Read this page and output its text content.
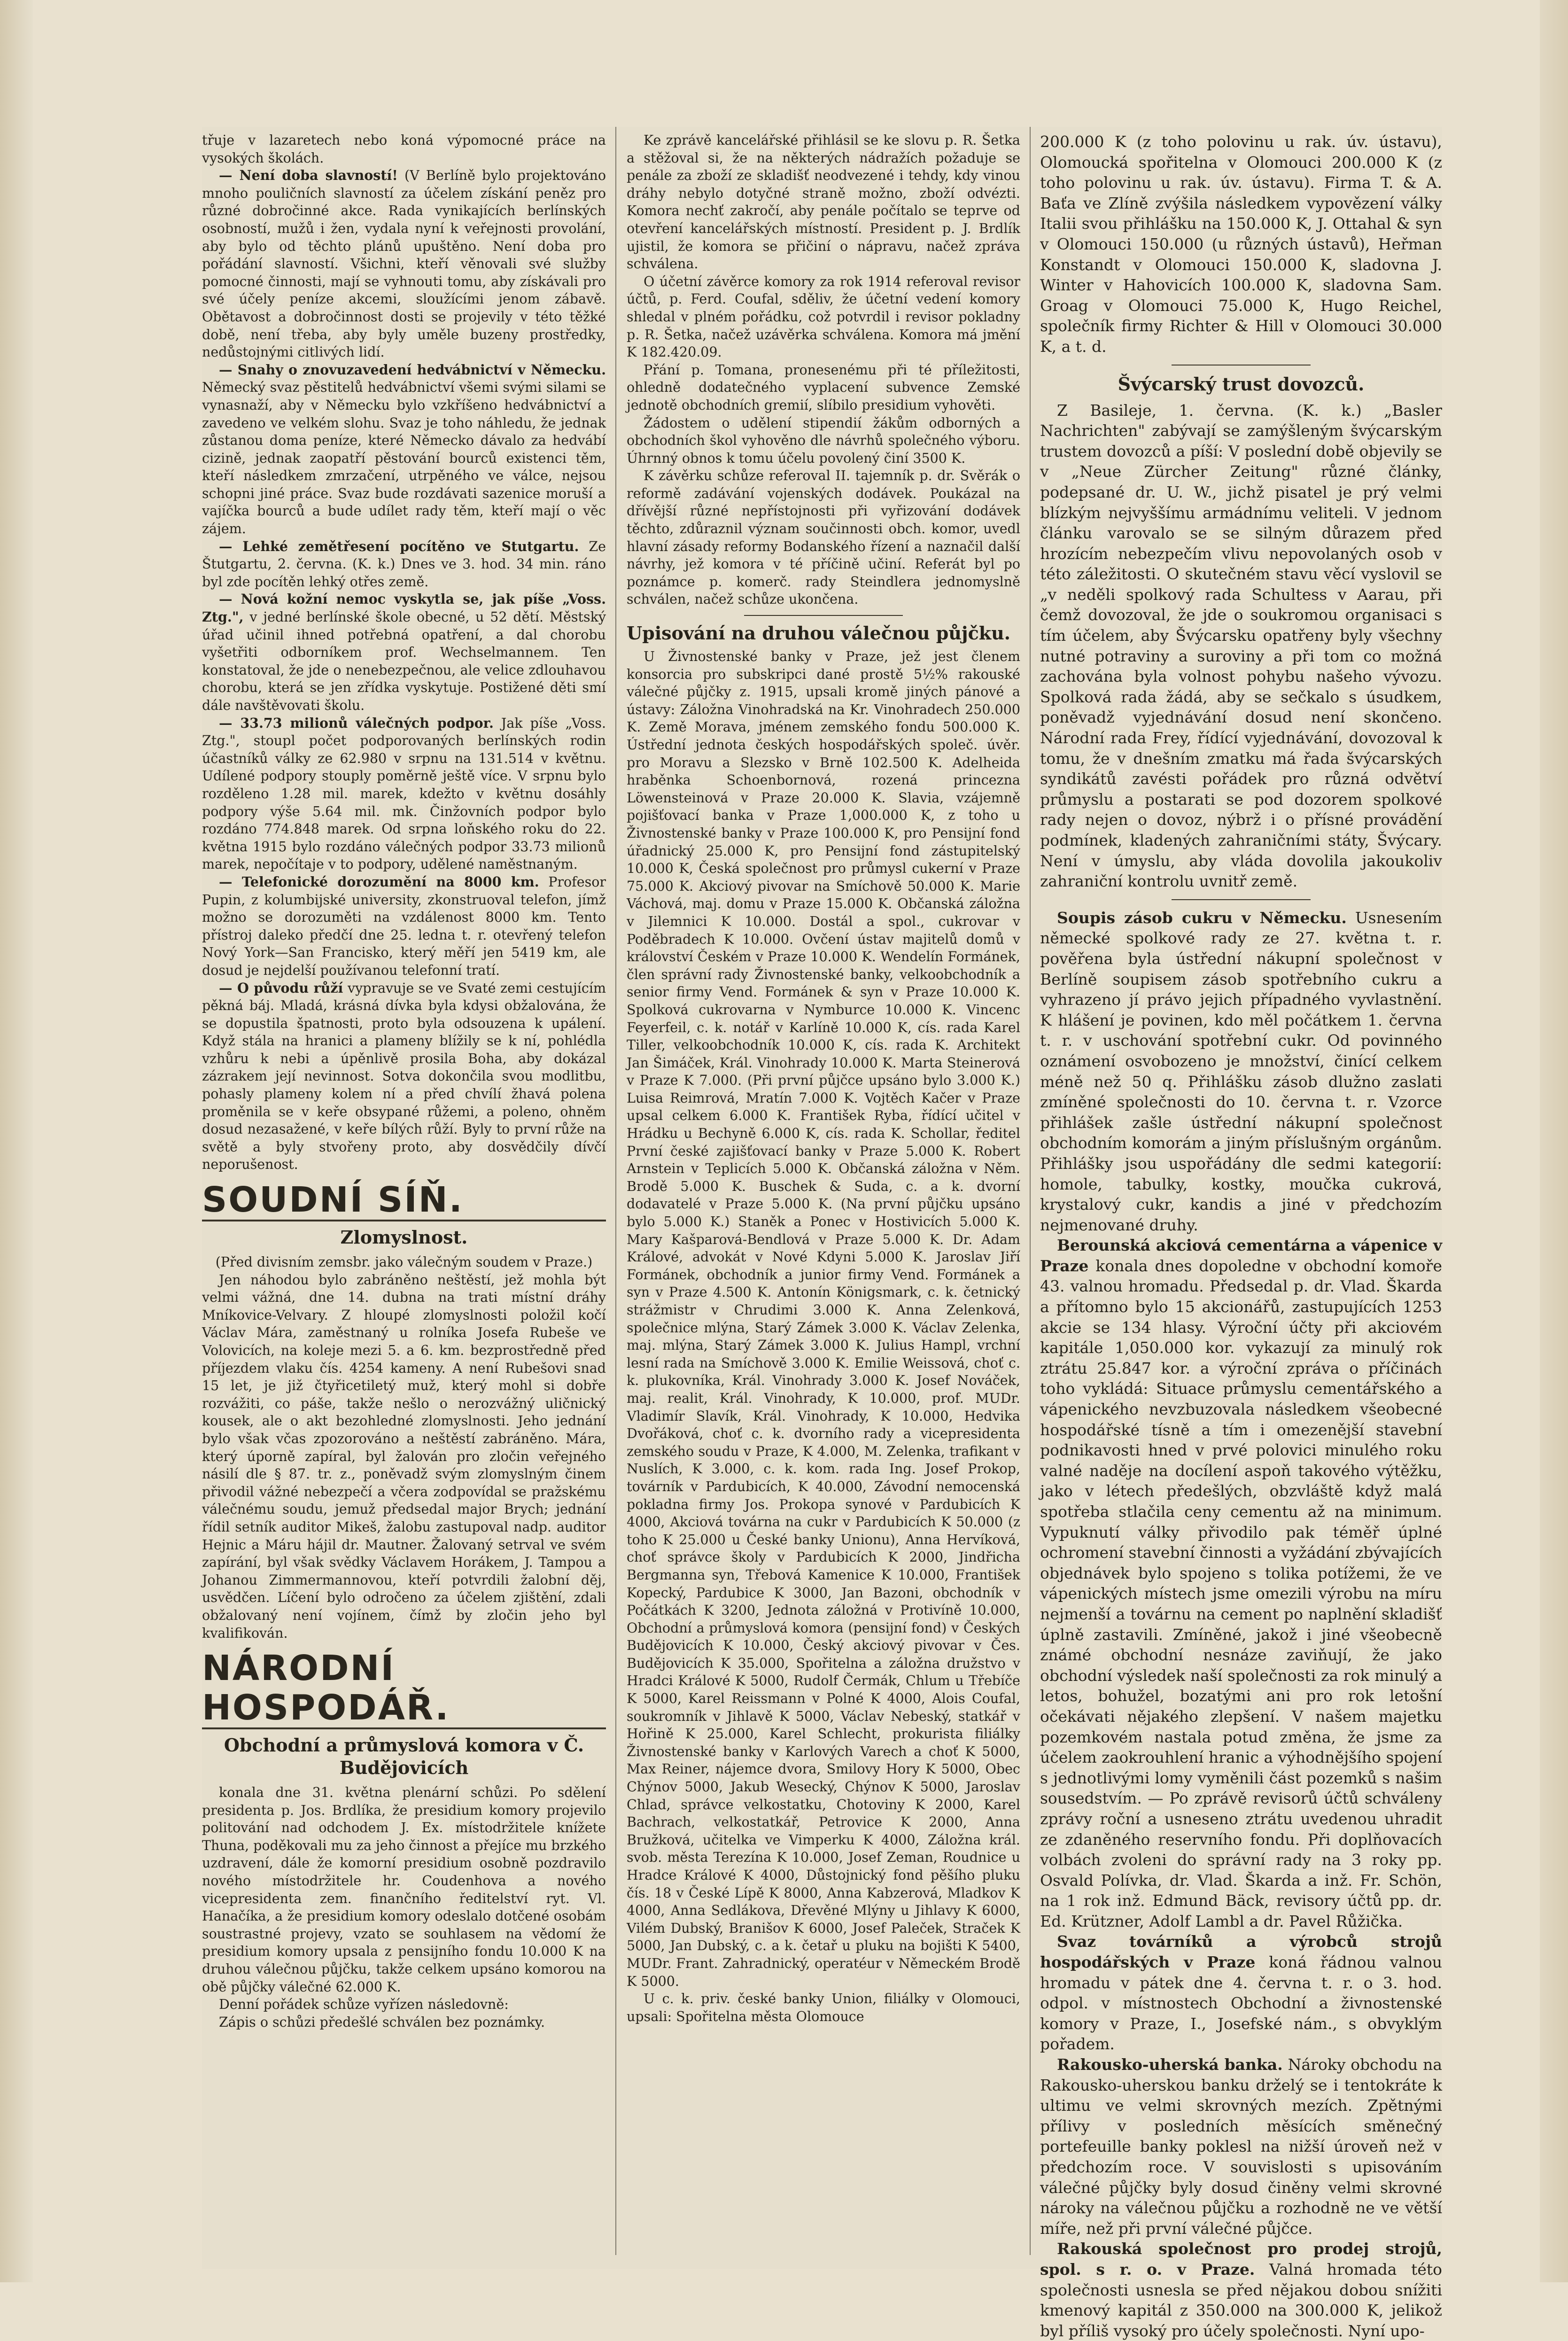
třuje v lazaretech nebo koná výpomocné práce na vysokých školách.

— Není doba slavností! (V Berlíně bylo projektováno mnoho pouličních slavností za účelem získání peněz pro různé dobročinné akce. Rada vynikajících berlínských osobností, mužů i žen, vydala nyní k veřejnosti provolání, aby bylo od těchto plánů upuštěno. Není doba pro pořádání slavností. Všichni, kteří věnovali své služby pomocné činnosti, mají se vyhnouti tomu, aby získávali pro své účely peníze akcemi, sloužícími jenom zábavě. Obětavost a dobročinnost dosti se projevily v této těžké době, není třeba, aby byly uměle buzeny prostředky, nedůstojnými citlivých lidí.

— Snahy o znovuzavedení hedvábnictví v Německu. Německý svaz pěstitelů hedvábnictví všemi svými silami se vynasnaží, aby v Německu bylo vzkříšeno hedvábnictví a zavedeno ve velkém slohu. Svaz je toho náhledu, že jednak zůstanou doma peníze, které Německo dávalo za hedvábí cizině, jednak zaopatří pěstování bourců existenci těm, kteří následkem zmrzačení, utrpěného ve válce, nejsou schopni jiné práce. Svaz bude rozdávati sazenice moruší a vajíčka bourců a bude udílet rady těm, kteří mají o věc zájem.

— Lehké zemětřesení pocítěno ve Stutgartu. Ze Štutgartu, 2. června. (K. k.) Dnes ve 3. hod. 34 min. ráno byl zde pocítěn lehký otřes země.

— Nová kožní nemoc vyskytla se, jak píše „Voss. Ztg.", v jedné berlínské škole obecné, u 52 dětí. Městský úřad učinil ihned potřebná opatření, a dal chorobu vyšetřiti odborníkem prof. Wechselmannem. Ten konstatoval, že jde o nenebezpečnou, ale velice zdlouhavou chorobu, která se jen zřídka vyskytuje. Postižené děti smí dále navštěvovati školu.

— 33.73 milionů válečných podpor. Jak píše „Voss. Ztg.", stoupl počet podporovaných berlínských rodin účastníků války ze 62.980 v srpnu na 131.514 v květnu. Udílené podpory stouply poměrně ještě více. V srpnu bylo rozděleno 1.28 mil. marek, kdežto v květnu dosáhly podpory výše 5.64 mil. mk. Činžovních podpor bylo rozdáno 774.848 marek. Od srpna loňského roku do 22. května 1915 bylo rozdáno válečných podpor 33.73 milionů marek, nepočítaje v to podpory, udělené naměstnaným.

— Telefonické dorozumění na 8000 km. Profesor Pupin, z kolumbijské university, zkonstruoval telefon, jímž možno se dorozuměti na vzdálenost 8000 km. Tento přístroj daleko předčí dne 25. ledna t. r. otevřený telefon Nový York—San Francisko, který měří jen 5419 km, ale dosud je nejdelší používanou telefonní tratí.

— O původu růží vypravuje se ve Svaté zemi cestujícím pěkná báj. Mladá, krásná dívka byla kdysi obžalována, že se dopustila špatnosti, proto byla odsouzena k upálení. Když stála na hranici a plameny blížily se k ní, pohlédla vzhůru k nebi a úpěnlivě prosila Boha, aby dokázal zázrakem její nevinnost. Sotva dokončila svou modlitbu, pohasly plameny kolem ní a před chvílí žhavá polena proměnila se v keře obsypané růžemi, a poleno, ohněm dosud nezasažené, v keře bílých růží. Byly to první růže na světě a byly stvořeny proto, aby dosvědčily dívčí neporušenost.

SOUDNÍ SÍŇ.
Zlomyslnost.

(Před divisním zemsbr. jako válečným soudem v Praze.)

Jen náhodou bylo zabráněno neštěstí, jež mohla být velmi vážná, dne 14. dubna na trati místní dráhy Mníkovice-Velvary. Z hloupé zlomyslnosti položil kočí Václav Mára, zaměstnaný u rolníka Josefa Rubeše ve Volovicích, na koleje mezi 5. a 6. km. bezprostředně před příjezdem vlaku čís. 4254 kameny. A není Rubešovi snad 15 let, je již čtyřicetiletý muž, který mohl si dobře rozvážiti, co páše, takže nešlo o nerozvážný uličnický kousek, ale o akt bezohledné zlomyslnosti. Jeho jednání bylo však včas zpozorováno a neštěstí zabráněno. Mára, který úporně zapíral, byl žalován pro zločin veřejného násilí dle § 87. tr. z., poněvadž svým zlomyslným činem přivodil vážné nebezpečí a včera zodpovídal se pražskému válečnému soudu, jemuž předsedal major Brych; jednání řídil setník auditor Mikeš, žalobu zastupoval nadp. auditor Hejnic a Máru hájil dr. Mautner. Žalovaný setrval ve svém zapírání, byl však svědky Václavem Horákem, J. Tampou a Johanou Zimmermannovou, kteří potvrdili žalobní děj, usvědčen. Líčení bylo odročeno za účelem zjištění, zdali obžalovaný není vojínem, čímž by zločin jeho byl kvalifikován.

NÁRODNÍ HOSPODÁŘ.
Obchodní a průmyslová komora v Č. Budějovicích

konala dne 31. května plenární schůzi. Po sdělení presidenta p. Jos. Brdlíka, že presidium komory projevilo politování nad odchodem J. Ex. místodržitele knížete Thuna, poděkovali mu za jeho činnost a přejíce mu brzkého uzdravení, dále že komorní presidium osobně pozdravilo nového místodržitele hr. Coudenhova a nového vicepresidenta zem. finančního ředitelství ryt. Vl. Hanačíka, a že presidium komory odeslalo dotčené osobám soustrastné projevy, vzato se souhlasem na vědomí že presidium komory upsala z pensijního fondu 10.000 K na druhou válečnou půjčku, takže celkem upsáno komorou na obě půjčky válečné 62.000 K.

Denní pořádek schůze vyřízen následovně:

Zápis o schůzi předešlé schválen bez poznámky.

Ke zprávě kancelářské přihlásil se ke slovu p. R. Šetka a stěžoval si, že na některých nádražích požaduje se penále za zboží ze skladišť neodvezené i tehdy, kdy vinou dráhy nebylo dotyčné straně možno, zboží odvézti. Komora nechť zakročí, aby penále počítalo se teprve od otevření kancelářských místností. President p. J. Brdlík ujistil, že komora se přičiní o nápravu, načež zpráva schválena.

O účetní závěrce komory za rok 1914 referoval revisor účtů, p. Ferd. Coufal, sděliv, že účetní vedení komory shledal v plném pořádku, což potvrdil i revisor pokladny p. R. Šetka, načež uzávěrka schválena. Komora má jmění K 182.420.09.

Přání p. Tomana, pronesenému při té příležitosti, ohledně dodatečného vyplacení subvence Zemské jednotě obchodních gremií, slíbilo presidium vyhověti.

Žádostem o udělení stipendií žákům odborných a obchodních škol vyhověno dle návrhů společného výboru. Úhrnný obnos k tomu účelu povolený činí 3500 K.

K závěrku schůze referoval II. tajemník p. dr. Svěrák o reformě zadávání vojenských dodávek. Poukázal na dřívější různé nepřístojnosti při vyřizování dodávek těchto, zdůraznil význam součinnosti obch. komor, uvedl hlavní zásady reformy Bodanského řízení a naznačil další návrhy, jež komora v té příčině učiní. Referát byl po poznámce p. komerč. rady Steindlera jednomyslně schválen, načež schůze ukončena.

Upisování na druhou válečnou půjčku.

U Živnostenské banky v Praze, jež jest členem konsorcia pro subskripci dané prostě 5½% rakouské válečné půjčky z. 1915, upsali kromě jiných pánové a ústavy: Záložna Vinohradská na Kr. Vinohradech 250.000 K. Země Morava, jménem zemského fondu 500.000 K. Ústřední jednota českých hospodářských společ. úvěr. pro Moravu a Slezsko v Brně 102.500 K. Adelheida hraběnka Schoenbornová, rozená princezna Löwensteinová v Praze 20.000 K. Slavia, vzájemně pojišťovací banka v Praze 1,000.000 K, z toho u Živnostenské banky v Praze 100.000 K, pro Pensijní fond úřadnický 25.000 K, pro Pensijní fond zástupitelský 10.000 K, Česká společnost pro průmysl cukerní v Praze 75.000 K. Akciový pivovar na Smíchově 50.000 K. Marie Váchová, maj. domu v Praze 15.000 K. Občanská záložna v Jilemnici K 10.000. Dostál a spol., cukrovar v Poděbradech K 10.000. Ovčení ústav majitelů domů v království Českém v Praze 10.000 K. Wendelín Formánek, člen správní rady Živnostenské banky, velkoobchodník a senior firmy Vend. Formánek & syn v Praze 10.000 K. Spolková cukrovarna v Nymburce 10.000 K. Vincenc Feyerfeil, c. k. notář v Karlíně 10.000 K, cís. rada Karel Tiller, velkoobchodník 10.000 K, cís. rada K. Architekt Jan Šimáček, Král. Vinohrady 10.000 K. Marta Steinerová v Praze K 7.000. (Při první půjčce upsáno bylo 3.000 K.) Luisa Reimrová, Mratín 7.000 K. Vojtěch Kačer v Praze upsal celkem 6.000 K. František Ryba, řídící učitel v Hrádku u Bechyně 6.000 K, cís. rada K. Schollar, ředitel První české zajišťovací banky v Praze 5.000 K. Robert Arnstein v Teplicích 5.000 K. Občanská záložna v Něm. Brodě 5.000 K. Buschek & Suda, c. a k. dvorní dodavatelé v Praze 5.000 K. (Na první půjčku upsáno bylo 5.000 K.) Staněk a Ponec v Hostivicích 5.000 K. Mary Kašparová-Bendlová v Praze 5.000 K. Dr. Adam Králové, advokát v Nové Kdyni 5.000 K. Jaroslav Jiří Formánek, obchodník a junior firmy Vend. Formánek a syn v Praze 4.500 K. Antonín Königsmark, c. k. četnický strážmistr v Chrudimi 3.000 K. Anna Zelenková, společnice mlýna, Starý Zámek 3.000 K. Václav Zelenka, maj. mlýna, Starý Zámek 3.000 K. Julius Hampl, vrchní lesní rada na Smíchově 3.000 K. Emilie Weissová, choť c. k. plukovníka, Král. Vinohrady 3.000 K. Josef Nováček, maj. realit, Král. Vinohrady, K 10.000, prof. MUDr. Vladimír Slavík, Král. Vinohrady, K 10.000, Hedvika Dvořáková, choť c. k. dvorního rady a vicepresidenta zemského soudu v Praze, K 4.000, M. Zelenka, trafikant v Nuslích, K 3.000, c. k. kom. rada Ing. Josef Prokop, továrník v Pardubicích, K 40.000, Závodní nemocenská pokladna firmy Jos. Prokopa synové v Pardubicích K 4000, Akciová továrna na cukr v Pardubicích K 50.000 (z toho K 25.000 u České banky Unionu), Anna Hervíková, choť správce školy v Pardubicích K 2000, Jindřicha Bergmanna syn, Třebová Kamenice K 10.000, František Kopecký, Pardubice K 3000, Jan Bazoni, obchodník v Počátkách K 3200, Jednota záložná v Protivíně 10.000, Obchodní a průmyslová komora (pensijní fond) v Českých Budějovicích K 10.000, Český akciový pivovar v Čes. Budějovicích K 35.000, Spořitelna a záložna družstvo v Hradci Králové K 5000, Rudolf Čermák, Chlum u Třebíče K 5000, Karel Reissmann v Polné K 4000, Alois Coufal, soukromník v Jihlavě K 5000, Václav Nebeský, statkář v Hořině K 25.000, Karel Schlecht, prokurista filiálky Živnostenské banky v Karlových Varech a choť K 5000, Max Reiner, nájemce dvora, Smilovy Hory K 5000, Obec Chýnov 5000, Jakub Wesecký, Chýnov K 5000, Jaroslav Chlad, správce velkostatku, Chotoviny K 2000, Karel Bachrach, velkostatkář, Petrovice K 2000, Anna Bružková, učitelka ve Vimperku K 4000, Záložna král. svob. města Terezína K 10.000, Josef Zeman, Roudnice u Hradce Králové K 4000, Důstojnický fond pěšího pluku čís. 18 v České Lípě K 8000, Anna Kabzerová, Mladkov K 4000, Anna Sedlákova, Dřevěné Mlýny u Jihlavy K 6000, Vilém Dubský, Branišov K 6000, Josef Paleček, Straček K 5000, Jan Dubský, c. a k. četař u pluku na bojišti K 5400, MUDr. Frant. Zahradnický, operatéur v Německém Brodě K 5000.

U c. k. priv. české banky Union, filiálky v Olomouci, upsali: Spořitelna města Olomouce

200.000 K (z toho polovinu u rak. úv. ústavu), Olomoucká spořitelna v Olomouci 200.000 K (z toho polovinu u rak. úv. ústavu). Firma T. & A. Baťa ve Zlíně zvýšila následkem vypovězení války Italii svou přihlášku na 150.000 K, J. Ottahal & syn v Olomouci 150.000 (u různých ústavů), Heřman Konstandt v Olomouci 150.000 K, sladovna J. Winter v Hahovicích 100.000 K, sladovna Sam. Groag v Olomouci 75.000 K, Hugo Reichel, společník firmy Richter & Hill v Olomouci 30.000 K, a t. d.

Švýcarský trust dovozců.

Z Basileje, 1. června. (K. k.) „Basler Nachrichten" zabývají se zamýšleným švýcarským trustem dovozců a píší: V poslední době objevily se v „Neue Zürcher Zeitung" různé články, podepsané dr. U. W., jichž pisatel je prý velmi blízkým nejvyššímu armádnímu veliteli. V jednom článku varovalo se se silným důrazem před hrozícím nebezpečím vlivu nepovolaných osob v této záležitosti. O skutečném stavu věcí vyslovil se „v neděli spolkový rada Schultess v Aarau, při čemž dovozoval, že jde o soukromou organisaci s tím účelem, aby Švýcarsku opatřeny byly všechny nutné potraviny a suroviny a při tom co možná zachována byla volnost pohybu našeho vývozu. Spolková rada žádá, aby se sečkalo s úsudkem, poněvadž vyjednávání dosud není skončeno. Národní rada Frey, řídící vyjednávání, dovozoval k tomu, že v dnešním zmatku má řada švýcarských syndikátů zavésti pořádek pro různá odvětví průmyslu a postarati se pod dozorem spolkové rady nejen o dovoz, nýbrž i o přísné provádění podmínek, kladených zahraničními státy, Švýcary. Není v úmyslu, aby vláda dovolila jakoukoliv zahraniční kontrolu uvnitř země.

Soupis zásob cukru v Německu. Usnesením německé spolkové rady ze 27. května t. r. pověřena byla ústřední nákupní společnost v Berlíně soupisem zásob spotřebního cukru a vyhrazeno jí právo jejich případného vyvlastnění. K hlášení je povinen, kdo měl počátkem 1. června t. r. v uschování spotřební cukr. Od povinného oznámení osvobozeno je množství, činící celkem méně než 50 q. Přihlášku zásob dlužno zaslati zmíněné společnosti do 10. června t. r. Vzorce přihlášek zašle ústřední nákupní společnost obchodním komorám a jiným příslušným orgánům. Přihlášky jsou uspořádány dle sedmi kategorií: homole, tabulky, kostky, moučka cukrová, krystalový cukr, kandis a jiné v předchozím nejmenované druhy.

Berounská akciová cementárna a vápenice v Praze konala dnes dopoledne v obchodní komoře 43. valnou hromadu. Předsedal p. dr. Vlad. Škarda a přítomno bylo 15 akcionářů, zastupujících 1253 akcie se 134 hlasy. Výroční účty při akciovém kapitále 1,050.000 kor. vykazují za minulý rok ztrátu 25.847 kor. a výroční zpráva o příčinách toho vykládá: Situace průmyslu cementářského a vápenického nevzbuzovala následkem všeobecné hospodářské tísně a tím i omezenější stavební podnikavosti hned v prvé polovici minulého roku valné naděje na docílení aspoň takového výtěžku, jako v létech předešlých, obzvláště když malá spotřeba stlačila ceny cementu až na minimum. Vypuknutí války přivodilo pak téměř úplné ochromení stavební činnosti a vyžádání zbývajících objednávek bylo spojeno s tolika potížemi, že ve vápenických místech jsme omezili výrobu na míru nejmenší a továrnu na cement po naplnění skladišť úplně zastavili. Zmíněné, jakož i jiné všeobecně známé obchodní nesnáze zaviňují, že jako obchodní výsledek naší společnosti za rok minulý a letos, bohužel, bozatými ani pro rok letošní očekávati nějakého zlepšení. V našem majetku pozemkovém nastala potud změna, že jsme za účelem zaokrouhlení hranic a výhodnějšího spojení s jednotlivými lomy vyměnili část pozemků s našim sousedstvím. — Po zprávě revisorů účtů schváleny zprávy roční a usneseno ztrátu uvedenou uhradit ze zdaněného reservního fondu. Při doplňovacích volbách zvoleni do správní rady na 3 roky pp. Osvald Polívka, dr. Vlad. Škarda a inž. Fr. Schön, na 1 rok inž. Edmund Bäck, revisory účtů pp. dr. Ed. Krützner, Adolf Lambl a dr. Pavel Růžička.

Svaz továrníků a výrobců strojů hospodářských v Praze koná řádnou valnou hromadu v pátek dne 4. června t. r. o 3. hod. odpol. v místnostech Obchodní a živnostenské komory v Praze, I., Josefské nám., s obvyklým pořadem.

Rakousko-uherská banka. Nároky obchodu na Rakousko-uherskou banku drželý se i tentokráte k ultimu ve velmi skrovných mezích. Zpětnými přílivy v posledních měsících směnečný portefeuille banky poklesl na nižší úroveň než v předchozím roce. V souvislosti s upisováním válečné půjčky byly dosud činěny velmi skrovné nároky na válečnou půjčku a rozhodně ne ve větší míře, než při první válečné půjčce.

Rakouská společnost pro prodej strojů, spol. s r. o. v Praze. Valná hromada této společnosti usnesla se před nějakou dobou snížiti kmenový kapitál z 350.000 na 300.000 K, jelikož byl příliš vysoký pro účely společnosti. Nyní upo-
